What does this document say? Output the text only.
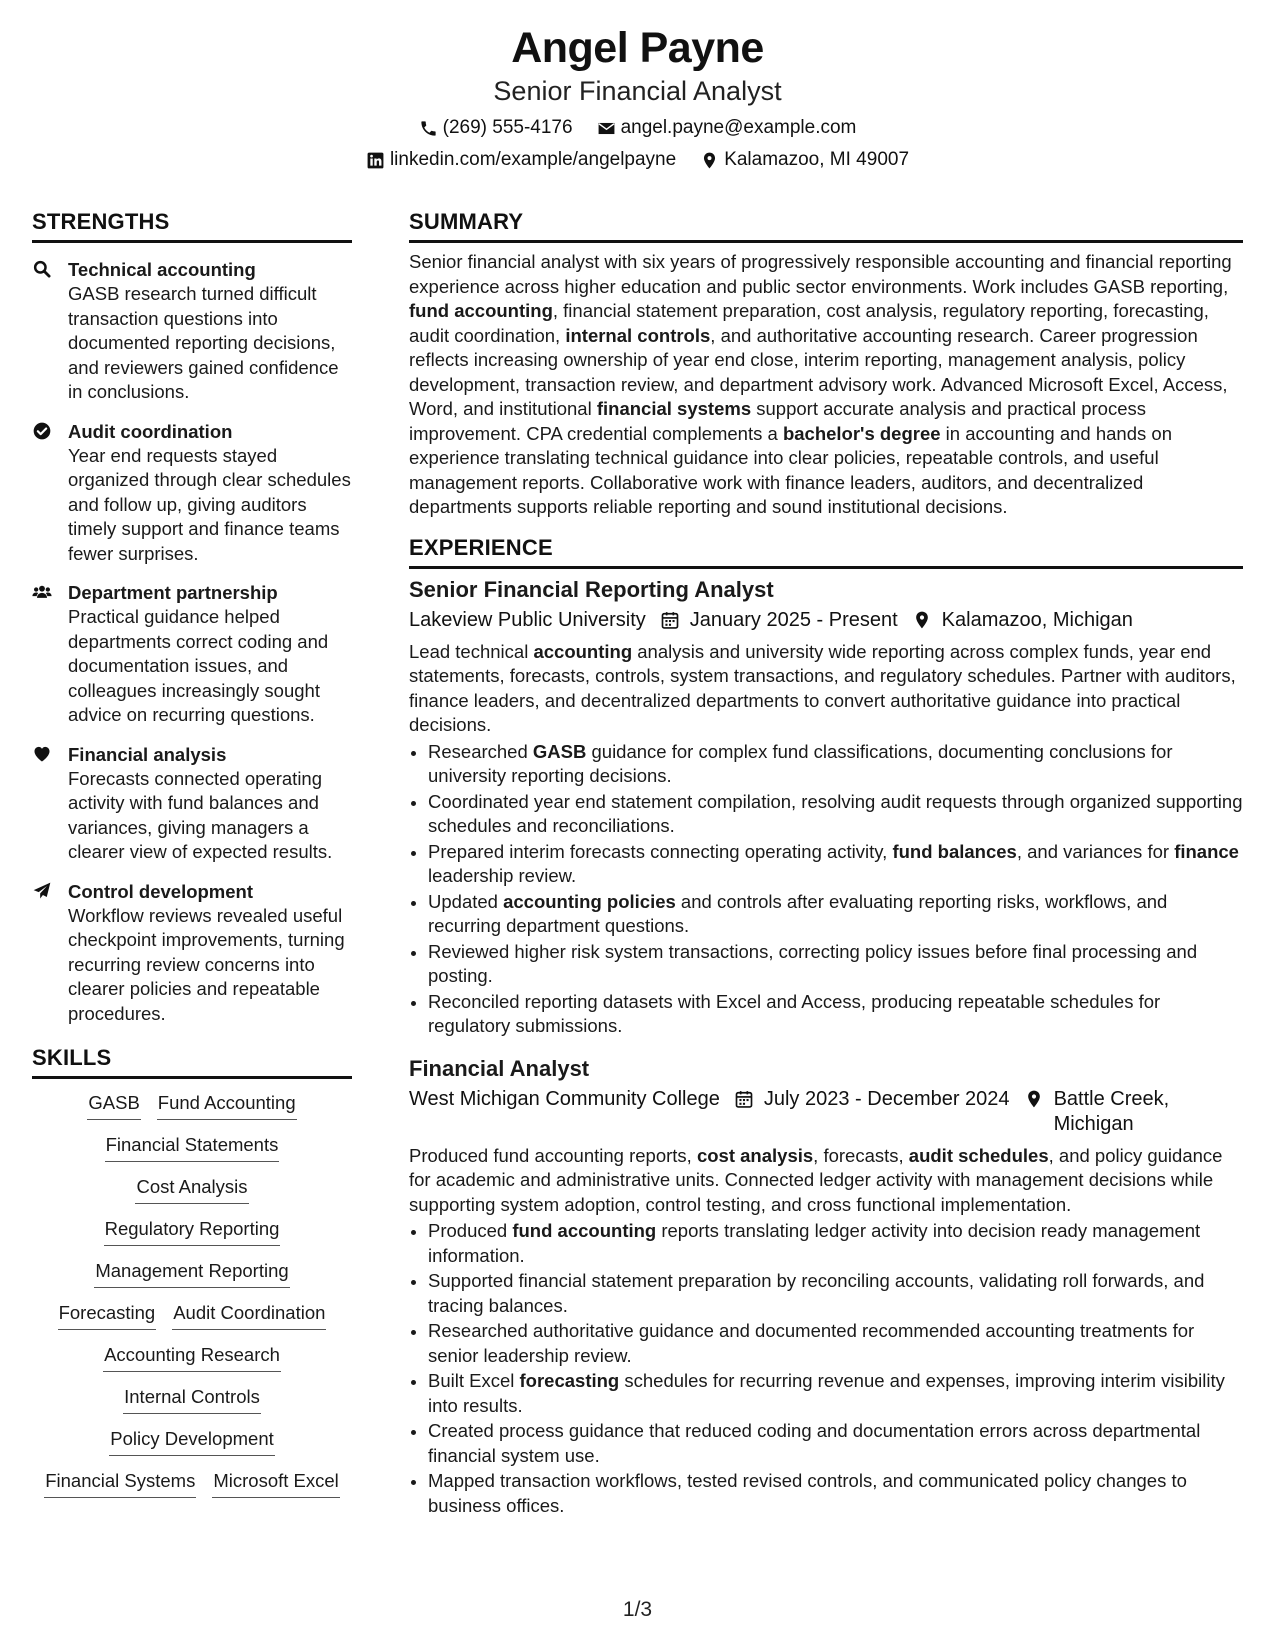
Angel Payne
Senior Financial Analyst
(269) 555-4176	angel.payne@example.com
linkedin.com/example/angelpayne	Kalamazoo, MI 49007
STRENGTHS
Technical accounting
GASB research turned difficult transaction questions into documented reporting decisions, and reviewers gained confidence in conclusions.
Audit coordination
Year end requests stayed organized through clear schedules and follow up, giving auditors timely support and finance teams fewer surprises.
Department partnership
Practical guidance helped departments correct coding and documentation issues, and colleagues increasingly sought advice on recurring questions.
Financial analysis
Forecasts connected operating activity with fund balances and variances, giving managers a clearer view of expected results.
Control development
Workflow reviews revealed useful checkpoint improvements, turning recurring review concerns into clearer policies and repeatable procedures.
SKILLS
GASB Fund Accounting
Financial Statements
Cost Analysis
Regulatory Reporting
Management Reporting
Forecasting Audit Coordination
Accounting Research
Internal Controls
Policy Development
Financial Systems Microsoft Excel
SUMMARY
Senior financial analyst with six years of progressively responsible accounting and financial reporting experience across higher education and public sector environments. Work includes GASB reporting, fund accounting, financial statement preparation, cost analysis, regulatory reporting, forecasting, audit coordination, internal controls, and authoritative accounting research. Career progression reflects increasing ownership of year end close, interim reporting, management analysis, policy development, transaction review, and department advisory work. Advanced Microsoft Excel, Access, Word, and institutional financial systems support accurate analysis and practical process improvement. CPA credential complements a bachelor's degree in accounting and hands on experience translating technical guidance into clear policies, repeatable controls, and useful management reports. Collaborative work with finance leaders, auditors, and decentralized departments supports reliable reporting and sound institutional decisions.
EXPERIENCE
Senior Financial Reporting Analyst
Lakeview Public University January 2025 - Present Kalamazoo, Michigan
Lead technical accounting analysis and university wide reporting across complex funds, year end statements, forecasts, controls, system transactions, and regulatory schedules. Partner with auditors, finance leaders, and decentralized departments to convert authoritative guidance into practical decisions.
• Researched GASB guidance for complex fund classifications, documenting conclusions for university reporting decisions.
• Coordinated year end statement compilation, resolving audit requests through organized supporting schedules and reconciliations.
• Prepared interim forecasts connecting operating activity, fund balances, and variances for finance leadership review.
• Updated accounting policies and controls after evaluating reporting risks, workflows, and recurring department questions.
• Reviewed higher risk system transactions, correcting policy issues before final processing and posting.
• Reconciled reporting datasets with Excel and Access, producing repeatable schedules for regulatory submissions.
Financial Analyst
West Michigan Community College July 2023 - December 2024 Battle Creek, Michigan
Produced fund accounting reports, cost analysis, forecasts, audit schedules, and policy guidance for academic and administrative units. Connected ledger activity with management decisions while supporting system adoption, control testing, and cross functional implementation.
• Produced fund accounting reports translating ledger activity into decision ready management information.
• Supported financial statement preparation by reconciling accounts, validating roll forwards, and tracing balances.
• Researched authoritative guidance and documented recommended accounting treatments for senior leadership review.
• Built Excel forecasting schedules for recurring revenue and expenses, improving interim visibility into results.
• Created process guidance that reduced coding and documentation errors across departmental financial system use.
• Mapped transaction workflows, tested revised controls, and communicated policy changes to business offices.
1/3
